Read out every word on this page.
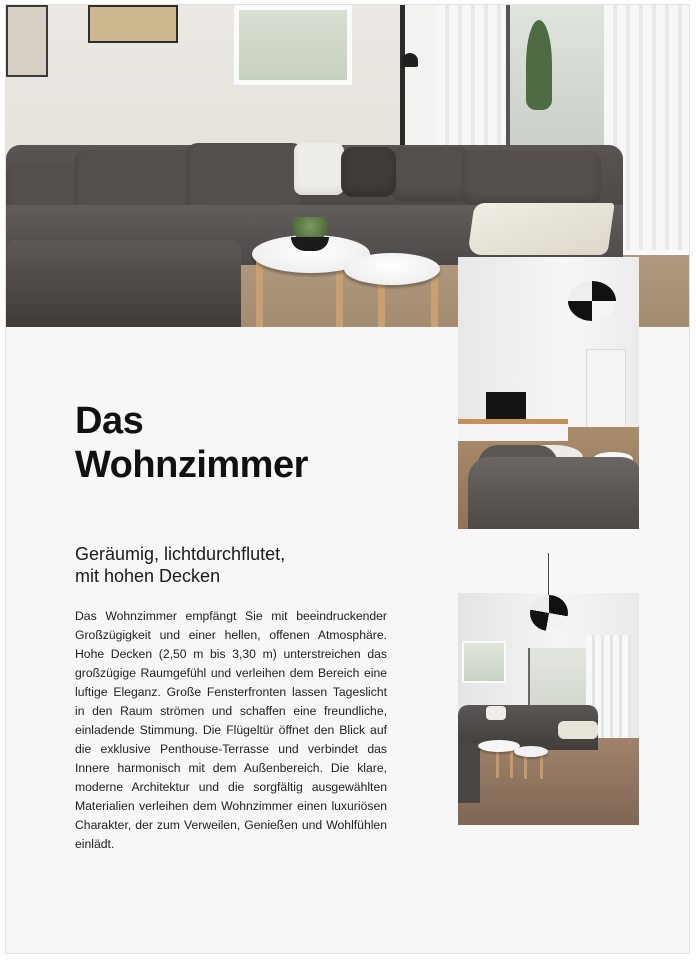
Das
Wohnzimmer
Geräumig, lichtdurchflutet,
mit hohen Decken
Das Wohnzimmer empfängt Sie mit beeindruckender Großzügigkeit und einer hellen, offenen Atmosphäre. Hohe Decken (2,50 m bis 3,30 m) unterstreichen das großzügige Raumgefühl und verleihen dem Bereich eine luftige Eleganz. Große Fensterfronten lassen Tageslicht in den Raum strömen und schaffen eine freundliche, einladende Stimmung. Die Flügeltür öffnet den Blick auf die exklusive Penthouse-Terrasse und verbindet das Innere harmonisch mit dem Außenbereich. Die klare, moderne Architektur und die sorgfältig ausgewählten Materialien verleihen dem Wohnzimmer einen luxuriösen Charakter, der zum Verweilen, Genießen und Wohlfühlen einlädt.
